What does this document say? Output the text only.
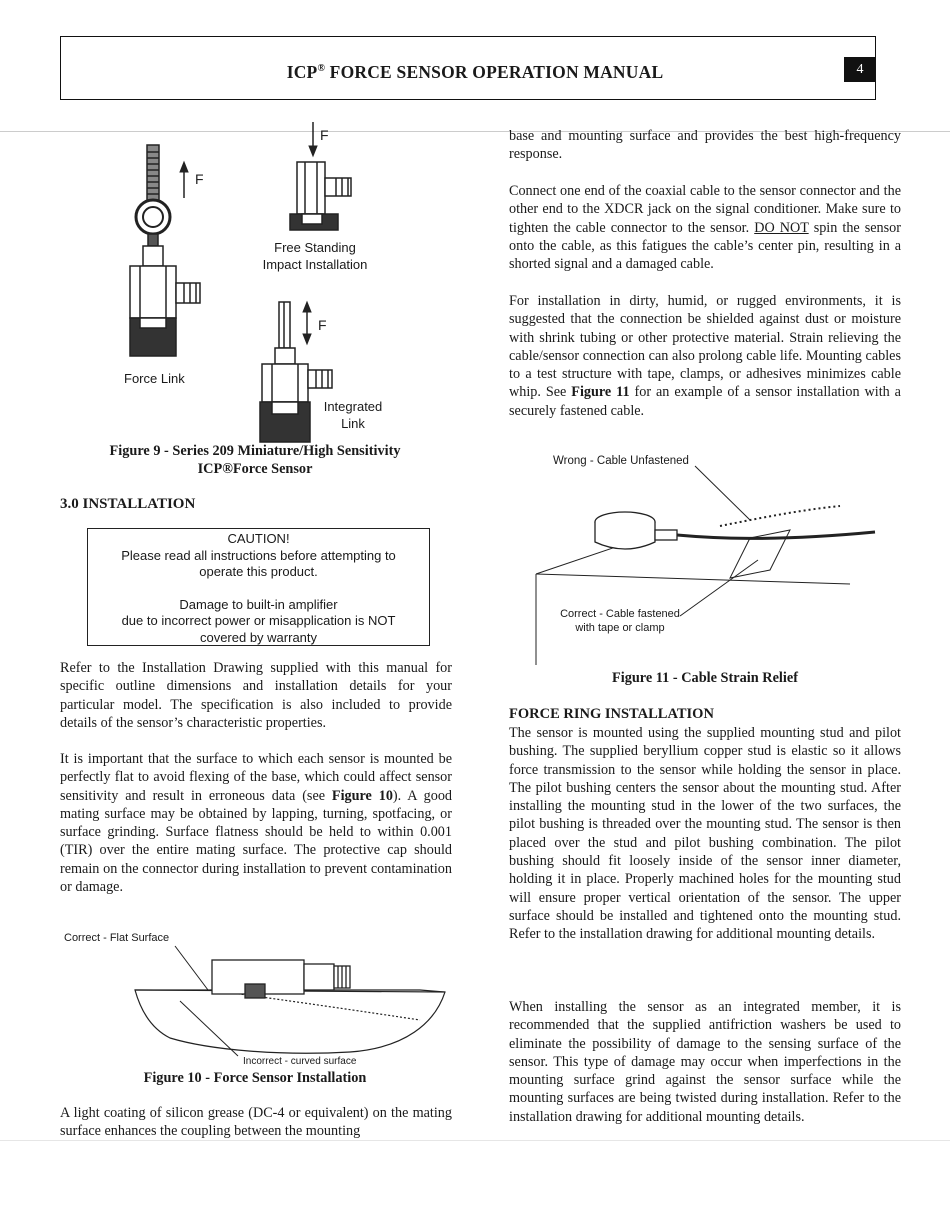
ICP® FORCE SENSOR OPERATION MANUAL	4
F
F
F
Free Standing
Impact Installation
Force Link
Integrated
Link
Figure 9 - Series 209 Miniature/High Sensitivity
ICP®Force Sensor
3.0 INSTALLATION
CAUTION!
Please read all instructions before attempting to
operate this product.
Damage to built-in amplifier
due to incorrect power or misapplication is NOT
covered by warranty

Refer to the Installation Drawing supplied with this manual for specific outline dimensions and installation details for your particular model. The specification is also included to provide details of the sensor’s characteristic properties.

It is important that the surface to which each sensor is mounted be perfectly flat to avoid flexing of the base, which could affect sensor sensitivity and result in erroneous data (see Figure 10). A good mating surface may be obtained by lapping, turning, spotfacing, or surface grinding. Surface flatness should be held to within 0.001 (TIR) over the entire mating surface. The protective cap should remain on the connector during installation to prevent contamination or damage.

Correct - Flat Surface
Incorrect - curved surface
Figure 10 - Force Sensor Installation

A light coating of silicon grease (DC-4 or equivalent) on the mating surface enhances the coupling between the mounting

base and mounting surface and provides the best high-frequency response.

Connect one end of the coaxial cable to the sensor connector and the other end to the XDCR jack on the signal conditioner. Make sure to tighten the cable connector to the sensor. DO NOT spin the sensor onto the cable, as this fatigues the cable’s center pin, resulting in a shorted signal and a damaged cable.

For installation in dirty, humid, or rugged environments, it is suggested that the connection be shielded against dust or moisture with shrink tubing or other protective material. Strain relieving the cable/sensor connection can also prolong cable life. Mounting cables to a test structure with tape, clamps, or adhesives minimizes cable whip. See Figure 11 for an example of a sensor installation with a securely fastened cable.

Wrong - Cable Unfastened
Correct - Cable fastened
with tape or clamp
Figure 11 - Cable Strain Relief
FORCE RING INSTALLATION

The sensor is mounted using the supplied mounting stud and pilot bushing. The supplied beryllium copper stud is elastic so it allows force transmission to the sensor while holding the sensor in place. The pilot bushing centers the sensor about the mounting stud. After installing the mounting stud in the lower of the two surfaces, the pilot bushing is threaded over the mounting stud. The sensor is then placed over the stud and pilot bushing combination. The pilot bushing should fit loosely inside of the sensor inner diameter, holding it in place. Properly machined holes for the mounting stud will ensure proper vertical orientation of the sensor. The upper surface should be installed and tightened onto the mounting stud. Refer to the installation drawing for additional mounting details.

When installing the sensor as an integrated member, it is recommended that the supplied antifriction washers be used to eliminate the possibility of damage to the sensing surface of the sensor. This type of damage may occur when imperfections in the mounting surface grind against the sensor surface while the mounting surfaces are being twisted during installation. Refer to the installation drawing for additional mounting details.
